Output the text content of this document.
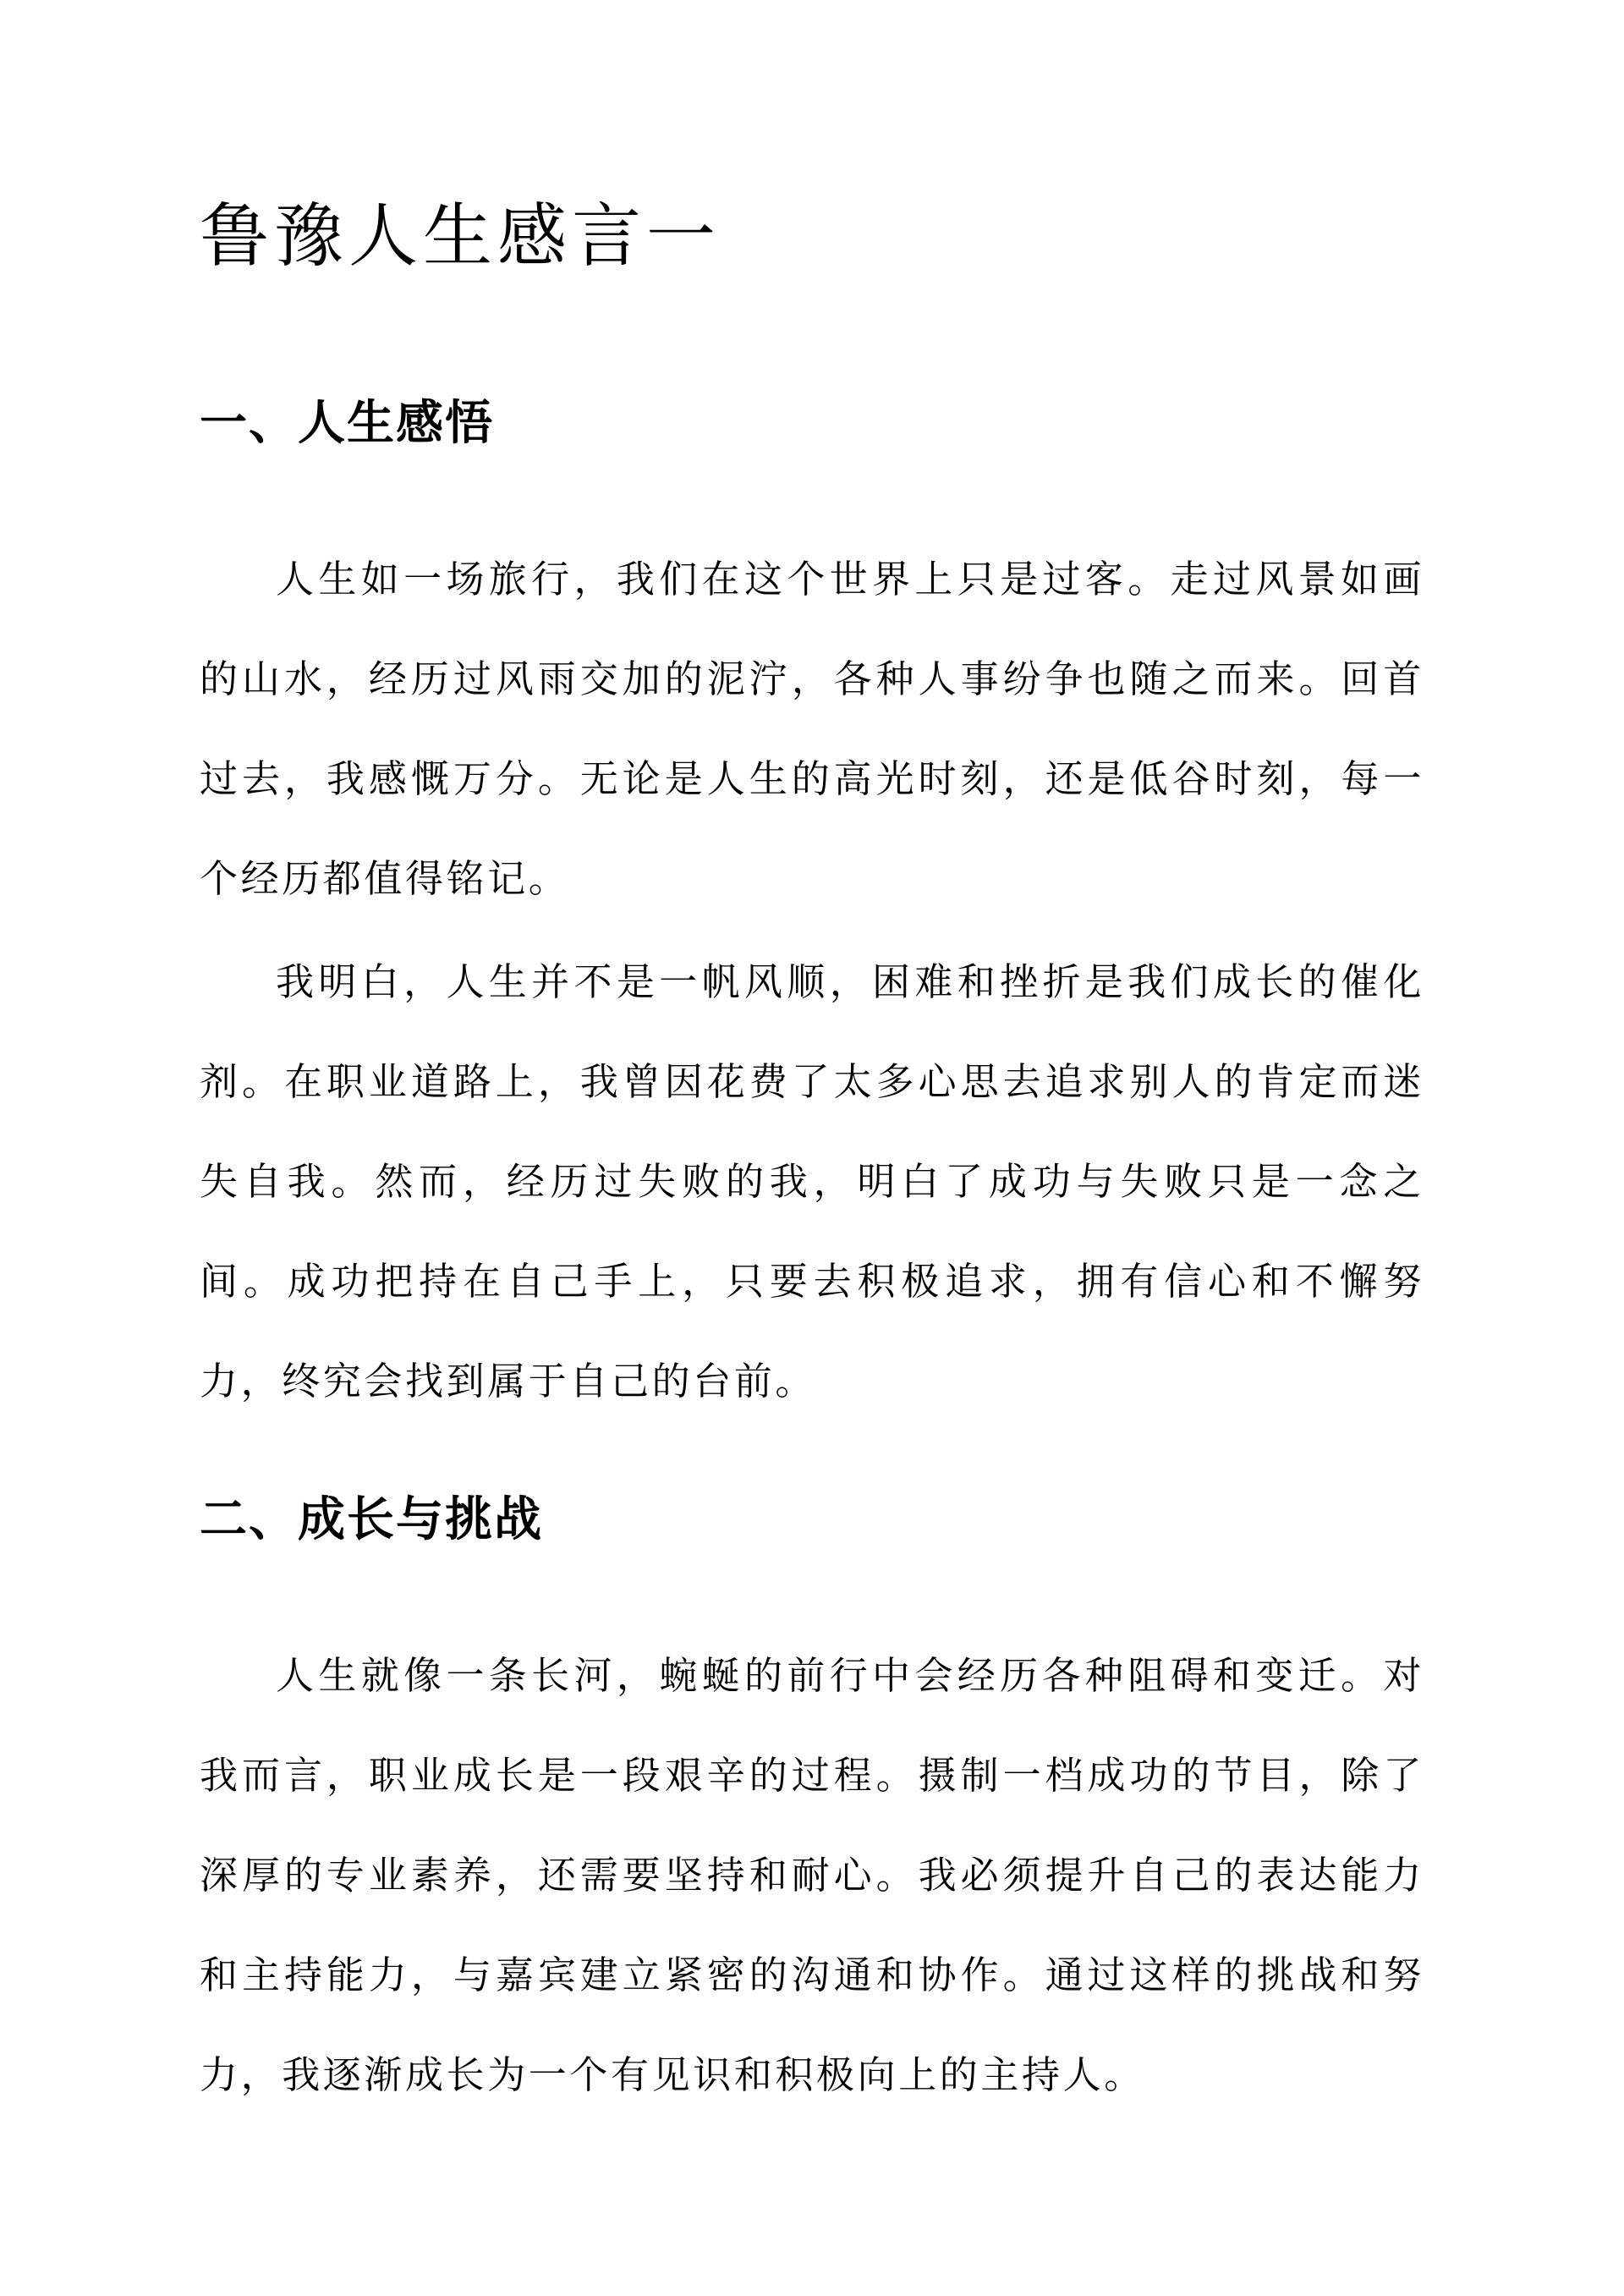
鲁豫人生感言一
一、人生感悟

人生如一场旅行，我们在这个世界上只是过客。走过风景如画的山水，经历过风雨交加的泥泞，各种人事纷争也随之而来。回首过去，我感慨万分。无论是人生的高光时刻，还是低谷时刻，每一个经历都值得铭记。

我明白，人生并不是一帆风顺，困难和挫折是我们成长的催化剂。在职业道路上，我曾因花费了太多心思去追求别人的肯定而迷失自我。然而，经历过失败的我，明白了成功与失败只是一念之间。成功把持在自己手上，只要去积极追求，拥有信心和不懈努力，终究会找到属于自己的台前。

二、成长与挑战

人生就像一条长河，蜿蜒的前行中会经历各种阻碍和变迁。对我而言，职业成长是一段艰辛的过程。摄制一档成功的节目，除了深厚的专业素养，还需要坚持和耐心。我必须提升自己的表达能力和主持能力，与嘉宾建立紧密的沟通和协作。通过这样的挑战和努力，我逐渐成长为一个有见识和积极向上的主持人。
